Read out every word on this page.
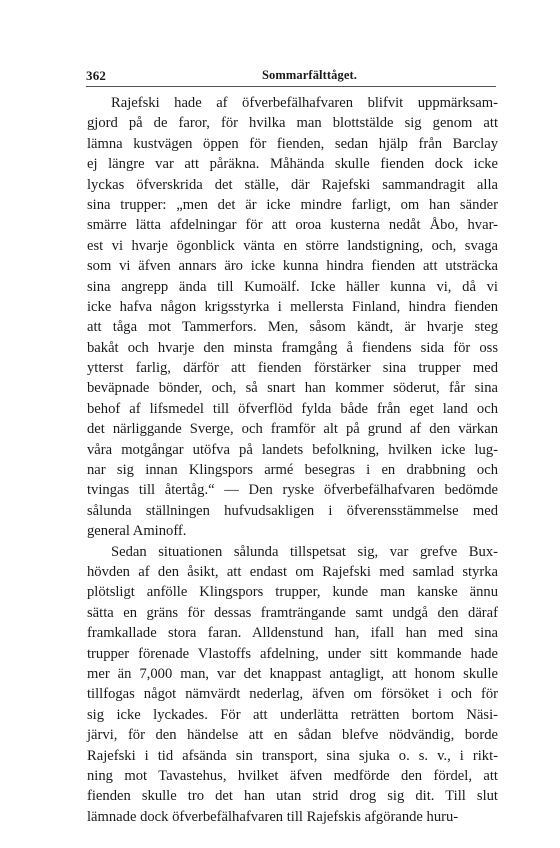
362	Sommarfälttåget.
Rajefski hade af öfverbefälhafvaren blifvit uppmärksam-
gjord på de faror, för hvilka man blottstälde sig genom att
lämna kustvägen öppen för fienden, sedan hjälp från Barclay
ej längre var att påräkna. Måhända skulle fienden dock icke
lyckas öfverskrida det ställe, där Rajefski sammandragit alla
sina trupper: „men det är icke mindre farligt, om han sänder
smärre lätta afdelningar för att oroa kusterna nedåt Åbo, hvar-
est vi hvarje ögonblick vänta en större landstigning, och, svaga
som vi äfven annars äro icke kunna hindra fienden att utsträcka
sina angrepp ända till Kumoälf. Icke häller kunna vi, då vi
icke hafva någon krigsstyrka i mellersta Finland, hindra fienden
att tåga mot Tammerfors. Men, såsom kändt, är hvarje steg
bakåt och hvarje den minsta framgång å fiendens sida för oss
ytterst farlig, därför att fienden förstärker sina trupper med
beväpnade bönder, och, så snart han kommer söderut, får sina
behof af lifsmedel till öfverflöd fylda både från eget land och
det närliggande Sverge, och framför alt på grund af den värkan
våra motgångar utöfva på landets befolkning, hvilken icke lug-
nar sig innan Klingspors armé besegras i en drabbning och
tvingas till återtåg.“ — Den ryske öfverbefälhafvaren bedömde
sålunda ställningen hufvudsakligen i öfverensstämmelse med
general Aminoff.
Sedan situationen sålunda tillspetsat sig, var grefve Bux-
hövden af den åsikt, att endast om Rajefski med samlad styrka
plötsligt anfölle Klingspors trupper, kunde man kanske ännu
sätta en gräns för dessas framträngande samt undgå den däraf
framkallade stora faran. Alldenstund han, ifall han med sina
trupper förenade Vlastoffs afdelning, under sitt kommande hade
mer än 7,000 man, var det knappast antagligt, att honom skulle
tillfogas något nämvärdt nederlag, äfven om försöket i och för
sig icke lyckades. För att underlätta reträtten bortom Näsi-
järvi, för den händelse att en sådan blefve nödvändig, borde
Rajefski i tid afsända sin transport, sina sjuka o. s. v., i rikt-
ning mot Tavastehus, hvilket äfven medförde den fördel, att
fienden skulle tro det han utan strid drog sig dit. Till slut
lämnade dock öfverbefälhafvaren till Rajefskis afgörande huru-
